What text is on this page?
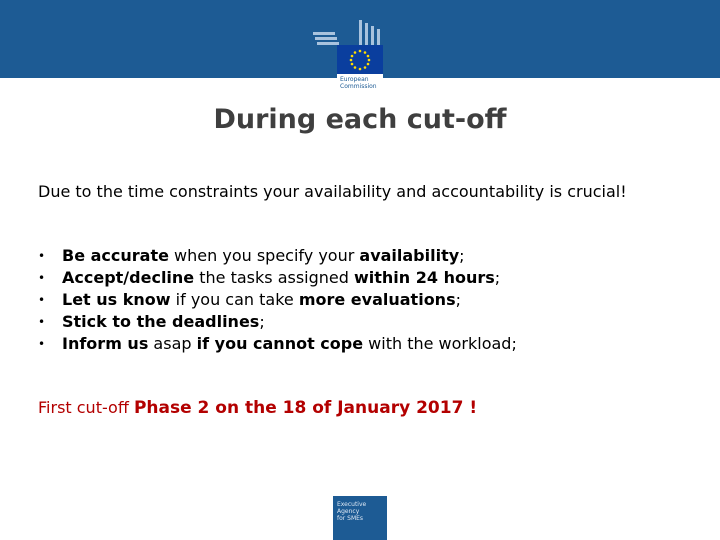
European
Commission
During each cut-off
Due to the time constraints your availability and accountability is crucial!
•	Be accurate when you specify your availability;
•	Accept/decline the tasks assigned within 24 hours;
•	Let us know if you can take more evaluations;
•	Stick to the deadlines;
•	Inform us asap if you cannot cope with the workload;
First cut-off Phase 2 on the 18 of January 2017 !
Executive
Agency
for SMEs
